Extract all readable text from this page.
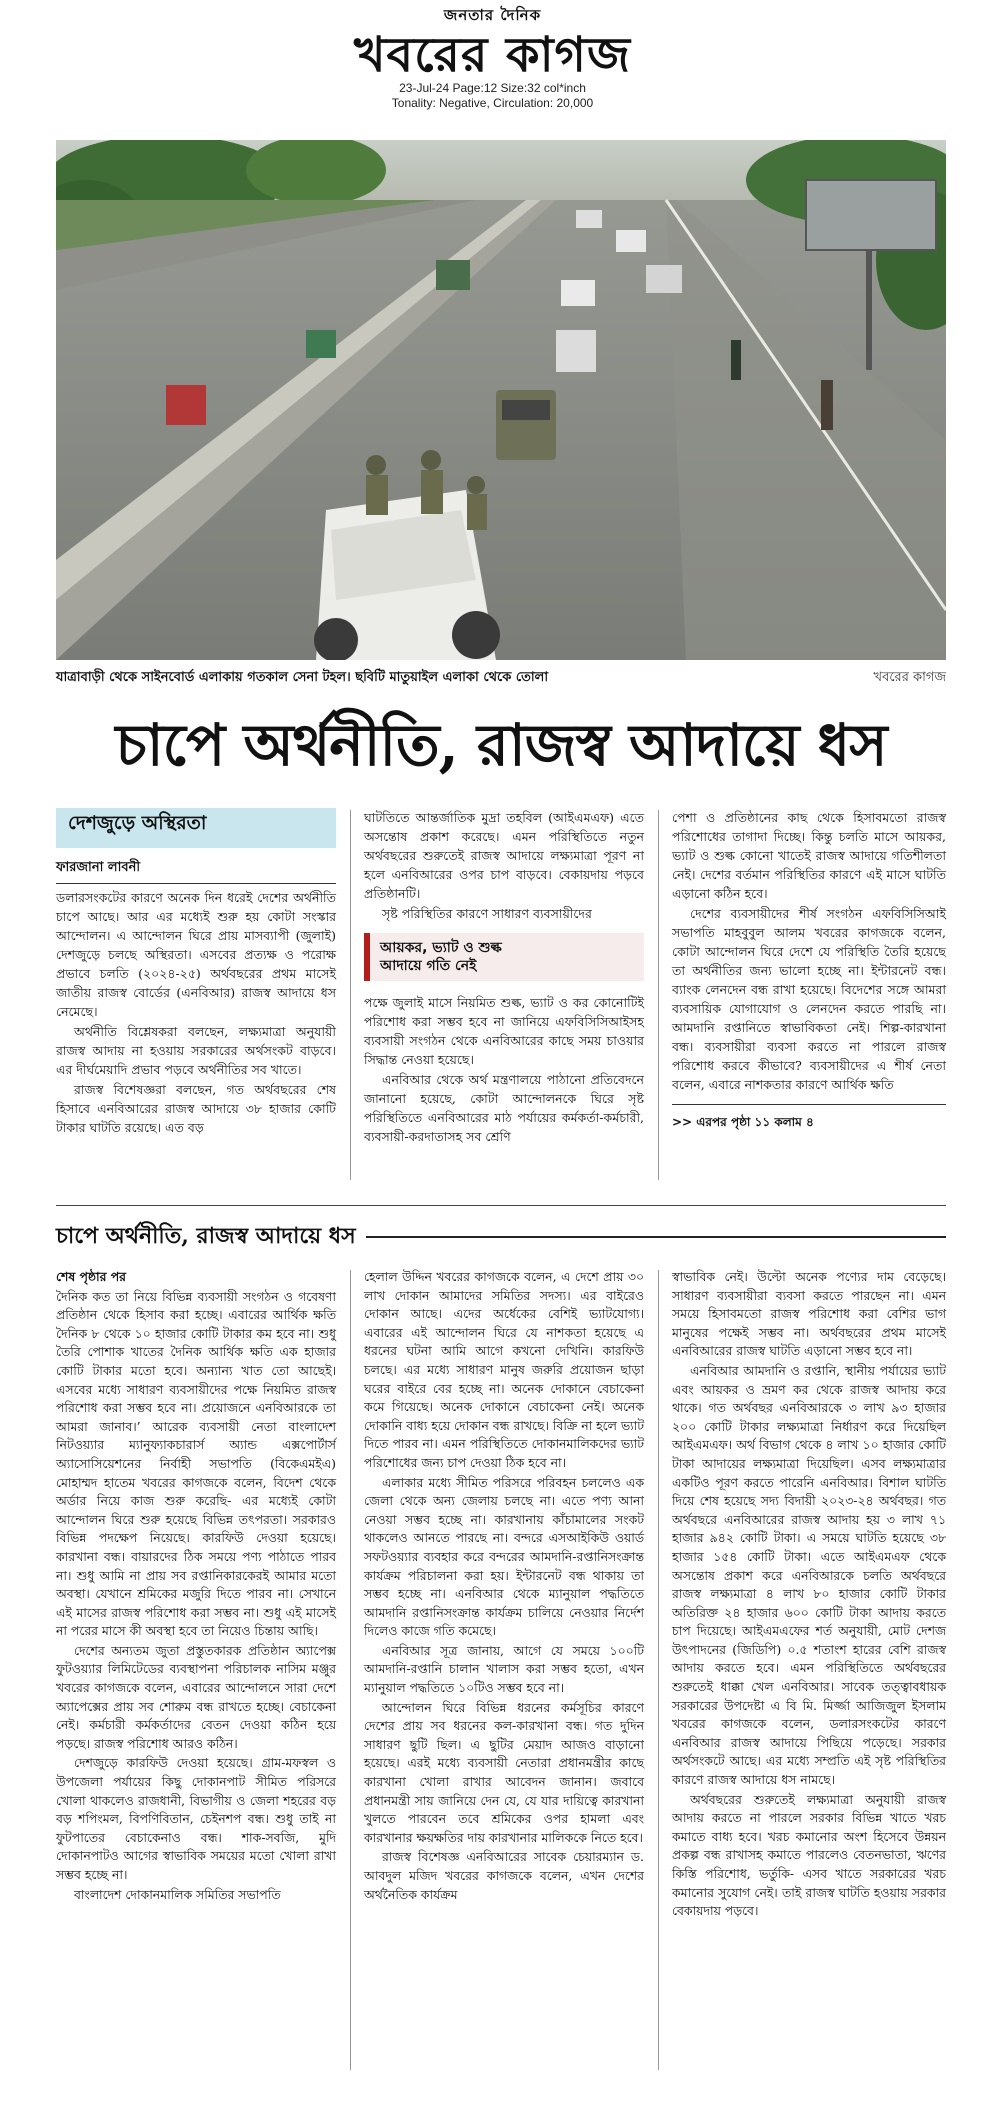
জনতার দৈনিক
খবরের কাগজ
23-Jul-24 Page:12 Size:32 col*inch
Tonality: Negative, Circulation: 20,000
যাত্রাবাড়ী থেকে সাইনবোর্ড এলাকায় গতকাল সেনা টহল। ছবিটি মাতুয়াইল এলাকা থেকে তোলা	খবরের কাগজ
চাপে অর্থনীতি, রাজস্ব আদায়ে ধস
দেশজুড়ে অস্থিরতা
ফারজানা লাবনী

ডলারসংকটের কারণে অনেক দিন ধরেই দেশের অর্থনীতি চাপে আছে। আর এর মধ্যেই শুরু হয় কোটা সংস্কার আন্দোলন। এ আন্দোলন ঘিরে প্রায় মাসব্যাপী (জুলাই) দেশজুড়ে চলছে অস্থিরতা। এসবের প্রত্যক্ষ ও পরোক্ষ প্রভাবে চলতি (২০২৪-২৫) অর্থবছরের প্রথম মাসেই জাতীয় রাজস্ব বোর্ডের (এনবিআর) রাজস্ব আদায়ে ধস নেমেছে।

অর্থনীতি বিশ্লেষকরা বলছেন, লক্ষ্যমাত্রা অনুযায়ী রাজস্ব আদায় না হওয়ায় সরকারের অর্থসংকট বাড়বে। এর দীর্ঘমেয়াদি প্রভাব পড়বে অর্থনীতির সব খাতে।

রাজস্ব বিশেষজ্ঞরা বলছেন, গত অর্থবছরের শেষ হিসাবে এনবিআরের রাজস্ব আদায়ে ৩৮ হাজার কোটি টাকার ঘাটতি রয়েছে। এত বড়

ঘাটতিতে আন্তর্জাতিক মুদ্রা তহবিল (আইএমএফ) এতে অসন্তোষ প্রকাশ করেছে। এমন পরিস্থিতিতে নতুন অর্থবছরের শুরুতেই রাজস্ব আদায়ে লক্ষ্যমাত্রা পূরণ না হলে এনবিআরের ওপর চাপ বাড়বে। বেকায়দায় পড়বে প্রতিষ্ঠানটি।

সৃষ্ট পরিস্থিতির কারণে সাধারণ ব্যবসায়ীদের

আয়কর, ভ্যাট ও শুল্ক
আদায়ে গতি নেই

পক্ষে জুলাই মাসে নিয়মিত শুল্ক, ভ্যাট ও কর কোনোটিই পরিশোধ করা সম্ভব হবে না জানিয়ে এফবিসিসিআইসহ ব্যবসায়ী সংগঠন থেকে এনবিআরের কাছে সময় চাওয়ার সিদ্ধান্ত নেওয়া হয়েছে।

এনবিআর থেকে অর্থ মন্ত্রণালয়ে পাঠানো প্রতিবেদনে জানানো হয়েছে, কোটা আন্দোলনকে ঘিরে সৃষ্ট পরিস্থিতিতে এনবিআরের মাঠ পর্যায়ের কর্মকর্তা-কর্মচারী, ব্যবসায়ী-করদাতাসহ সব শ্রেণি

পেশা ও প্রতিষ্ঠানের কাছ থেকে হিসাবমতো রাজস্ব পরিশোধের তাগাদা দিচ্ছে। কিন্তু চলতি মাসে আয়কর, ভ্যাট ও শুল্ক কোনো খাতেই রাজস্ব আদায়ে গতিশীলতা নেই। দেশের বর্তমান পরিস্থিতির কারণে এই মাসে ঘাটতি এড়ানো কঠিন হবে।

দেশের ব্যবসায়ীদের শীর্ষ সংগঠন এফবিসিসিআই সভাপতি মাহবুবুল আলম খবরের কাগজকে বলেন, কোটা আন্দোলন ঘিরে দেশে যে পরিস্থিতি তৈরি হয়েছে তা অর্থনীতির জন্য ভালো হচ্ছে না। ইন্টারনেট বন্ধ। ব্যাংক লেনদেন বন্ধ রাখা হয়েছে। বিদেশের সঙ্গে আমরা ব্যবসায়িক যোগাযোগ ও লেনদেন করতে পারছি না। আমদানি রপ্তানিতে স্বাভাবিকতা নেই। শিল্প-কারখানা বন্ধ। ব্যবসায়ীরা ব্যবসা করতে না পারলে রাজস্ব পরিশোধ করবে কীভাবে? ব্যবসায়ীদের এ শীর্ষ নেতা বলেন, এবারে নাশকতার কারণে আর্থিক ক্ষতি

>> এরপর পৃষ্ঠা ১১ কলাম ৪
চাপে অর্থনীতি, রাজস্ব আদায়ে ধস

শেষ পৃষ্ঠার পর

দৈনিক কত তা নিয়ে বিভিন্ন ব্যবসায়ী সংগঠন ও গবেষণা প্রতিষ্ঠান থেকে হিসাব করা হচ্ছে। এবারের আর্থিক ক্ষতি দৈনিক ৮ থেকে ১০ হাজার কোটি টাকার কম হবে না। শুধু তৈরি পোশাক খাতের দৈনিক আর্থিক ক্ষতি এক হাজার কোটি টাকার মতো হবে। অন্যান্য খাত তো আছেই। এসবের মধ্যে সাধারণ ব্যবসায়ীদের পক্ষে নিয়মিত রাজস্ব পরিশোধ করা সম্ভব হবে না। প্রয়োজনে এনবিআরকে তা আমরা জানাব।’ আরেক ব্যবসায়ী নেতা বাংলাদেশ নিটওয়্যার ম্যানুফ্যাকচারার্স অ্যান্ড এক্সপোর্টার্স অ্যাসোসিয়েশনের নির্বাহী সভাপতি (বিকেএমইএ) মোহাম্মদ হাতেম খবরের কাগজকে বলেন, বিদেশ থেকে অর্ডার নিয়ে কাজ শুরু করেছি- এর মধ্যেই কোটা আন্দোলন ঘিরে শুরু হয়েছে বিভিন্ন তৎপরতা। সরকারও বিভিন্ন পদক্ষেপ নিয়েছে। কারফিউ দেওয়া হয়েছে। কারখানা বন্ধ। বায়ারদের ঠিক সময়ে পণ্য পাঠাতে পারব না। শুধু আমি না প্রায় সব রপ্তানিকারকেরই আমার মতো অবস্থা। যেখানে শ্রমিকের মজুরি দিতে পারব না। সেখানে এই মাসের রাজস্ব পরিশোধ করা সম্ভব না। শুধু এই মাসেই না পরের মাসে কী অবস্থা হবে তা নিয়েও চিন্তায় আছি।

দেশের অন্যতম জুতা প্রস্তুতকারক প্রতিষ্ঠান অ্যাপেক্স ফুটওয়্যার লিমিটেডের ব্যবস্থাপনা পরিচালক নাসিম মঞ্জুর খবরের কাগজকে বলেন, এবারের আন্দোলনে সারা দেশে অ্যাপেক্সের প্রায় সব শোরুম বন্ধ রাখতে হচ্ছে। বেচাকেনা নেই। কর্মচারী কর্মকর্তাদের বেতন দেওয়া কঠিন হয়ে পড়ছে। রাজস্ব পরিশোধ আরও কঠিন।

দেশজুড়ে কারফিউ দেওয়া হয়েছে। গ্রাম-মফস্বল ও উপজেলা পর্যায়ের কিছু দোকানপাট সীমিত পরিসরে খোলা থাকলেও রাজধানী, বিভাগীয় ও জেলা শহরের বড় বড় শপিংমল, বিপণিবিতান, চেইনশপ বন্ধ। শুধু তাই না ফুটপাতের বেচাকেনাও বন্ধ। শাক-সবজি, মুদি দোকানপাটও আগের স্বাভাবিক সময়ের মতো খোলা রাখা সম্ভব হচ্ছে না।

বাংলাদেশ দোকানমালিক সমিতির সভাপতি

হেলাল উদ্দিন খবরের কাগজকে বলেন, এ দেশে প্রায় ৩০ লাখ দোকান আমাদের সমিতির সদস্য। এর বাইরেও দোকান আছে। এদের অর্ধেকের বেশিই ভ্যাটযোগ্য। এবারের এই আন্দোলন ঘিরে যে নাশকতা হয়েছে এ ধরনের ঘটনা আমি আগে কখনো দেখিনি। কারফিউ চলছে। এর মধ্যে সাধারণ মানুষ জরুরি প্রয়োজন ছাড়া ঘরের বাইরে বের হচ্ছে না। অনেক দোকানে বেচাকেনা কমে গিয়েছে। অনেক দোকানে বেচাকেনা নেই। অনেক দোকানি বাধ্য হয়ে দোকান বন্ধ রাখছে। বিক্রি না হলে ভ্যাট দিতে পারব না। এমন পরিস্থিতিতে দোকানমালিকদের ভ্যাট পরিশোধের জন্য চাপ দেওয়া ঠিক হবে না।

এলাকার মধ্যে সীমিত পরিসরে পরিবহন চললেও এক জেলা থেকে অন্য জেলায় চলছে না। এতে পণ্য আনা নেওয়া সম্ভব হচ্ছে না। কারখানায় কাঁচামালের সংকট থাকলেও আনতে পারছে না। বন্দরে এসআইকিউ ওয়ার্ড সফটওয়্যার ব্যবহার করে বন্দরের আমদানি-রপ্তানিসংক্রান্ত কার্যক্রম পরিচালনা করা হয়। ইন্টারনেট বন্ধ থাকায় তা সম্ভব হচ্ছে না। এনবিআর থেকে ম্যানুয়াল পদ্ধতিতে আমদানি রপ্তানিসংক্রান্ত কার্যক্রম চালিয়ে নেওয়ার নির্দেশ দিলেও কাজে গতি কমেছে।

এনবিআর সূত্র জানায়, আগে যে সময়ে ১০০টি আমদানি-রপ্তানি চালান খালাস করা সম্ভব হতো, এখন ম্যানুয়াল পদ্ধতিতে ১০টিও সম্ভব হবে না।

আন্দোলন ঘিরে বিভিন্ন ধরনের কর্মসূচির কারণে দেশের প্রায় সব ধরনের কল-কারখানা বন্ধ। গত দুদিন সাধারণ ছুটি ছিল। এ ছুটির মেয়াদ আজও বাড়ানো হয়েছে। এরই মধ্যে ব্যবসায়ী নেতারা প্রধানমন্ত্রীর কাছে কারখানা খোলা রাখার আবেদন জানান। জবাবে প্রধানমন্ত্রী সায় জানিয়ে দেন যে, যে যার দায়িত্বে কারখানা খুলতে পারবেন তবে শ্রমিকের ওপর হামলা এবং কারখানার ক্ষয়ক্ষতির দায় কারখানার মালিককে নিতে হবে।

রাজস্ব বিশেষজ্ঞ এনবিআরের সাবেক চেয়ারম্যান ড. আবদুল মজিদ খবরের কাগজকে বলেন, এখন দেশের অর্থনৈতিক কার্যক্রম

স্বাভাবিক নেই। উল্টো অনেক পণ্যের দাম বেড়েছে। সাধারণ ব্যবসায়ীরা ব্যবসা করতে পারছেন না। এমন সময়ে হিসাবমতো রাজস্ব পরিশোধ করা বেশির ভাগ মানুষের পক্ষেই সম্ভব না। অর্থবছরের প্রথম মাসেই এনবিআরের রাজস্ব ঘাটতি এড়ানো সম্ভব হবে না।

এনবিআর আমদানি ও রপ্তানি, স্থানীয় পর্যায়ের ভ্যাট এবং আয়কর ও ভ্রমণ কর থেকে রাজস্ব আদায় করে থাকে। গত অর্থবছর এনবিআরকে ৩ লাখ ৯৩ হাজার ২০০ কোটি টাকার লক্ষ্যমাত্রা নির্ধারণ করে দিয়েছিল আইএমএফ। অর্থ বিভাগ থেকে ৪ লাখ ১০ হাজার কোটি টাকা আদায়ের লক্ষ্যমাত্রা দিয়েছিল। এসব লক্ষ্যমাত্রার একটিও পূরণ করতে পারেনি এনবিআর। বিশাল ঘাটতি দিয়ে শেষ হয়েছে সদ্য বিদায়ী ২০২৩-২৪ অর্থবছর। গত অর্থবছরে এনবিআরের রাজস্ব আদায় হয় ৩ লাখ ৭১ হাজার ৯৪২ কোটি টাকা। এ সময়ে ঘাটতি হয়েছে ৩৮ হাজার ১৫৪ কোটি টাকা। এতে আইএমএফ থেকে অসন্তোষ প্রকাশ করে এনবিআরকে চলতি অর্থবছরে রাজস্ব লক্ষ্যমাত্রা ৪ লাখ ৮০ হাজার কোটি টাকার অতিরিক্ত ২৪ হাজার ৬০০ কোটি টাকা আদায় করতে চাপ দিয়েছে। আইএমএফের শর্ত অনুযায়ী, মোট দেশজ উৎপাদনের (জিডিপি) ০.৫ শতাংশ হারের বেশি রাজস্ব আদায় করতে হবে। এমন পরিস্থিতিতে অর্থবছরের শুরুতেই ধাক্কা খেল এনবিআর। সাবেক তত্ত্বাবধায়ক সরকারের উপদেষ্টা এ বি মি. মির্জ্জা আজিজুল ইসলাম খবরের কাগজকে বলেন, ডলারসংকটের কারণে এনবিআর রাজস্ব আদায়ে পিছিয়ে পড়েছে। সরকার অর্থসংকটে আছে। এর মধ্যে সম্প্রতি এই সৃষ্ট পরিস্থিতির কারণে রাজস্ব আদায়ে ধস নামছে।

অর্থবছরের শুরুতেই লক্ষ্যমাত্রা অনুযায়ী রাজস্ব আদায় করতে না পারলে সরকার বিভিন্ন খাতে খরচ কমাতে বাধ্য হবে। খরচ কমানোর অংশ হিসেবে উন্নয়ন প্রকল্প বন্ধ রাখাসহ কমাতে পারলেও বেতনভাতা, ঋণের কিস্তি পরিশোধ, ভর্তুকি- এসব খাতে সরকারের খরচ কমানোর সুযোগ নেই। তাই রাজস্ব ঘাটতি হওয়ায় সরকার বেকায়দায় পড়বে।
